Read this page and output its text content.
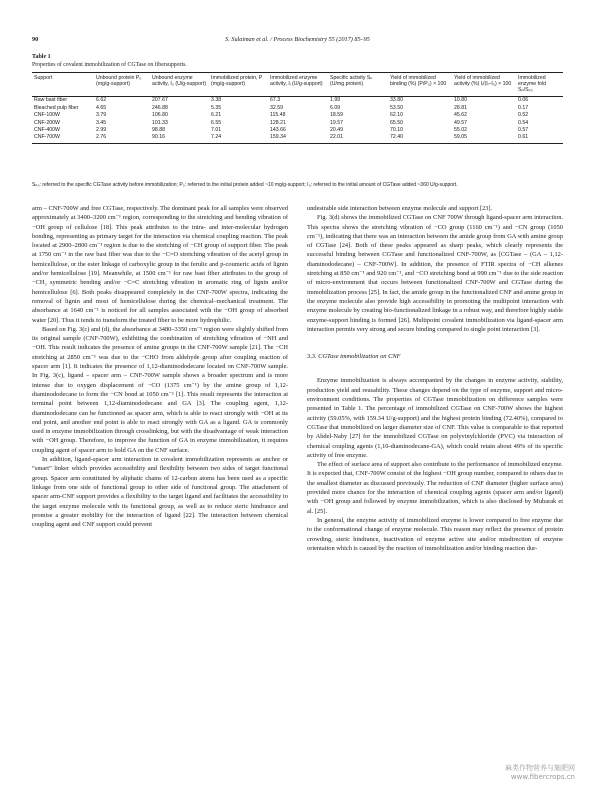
90	S. Sulaiman et al. / Process Biochemistry 55 (2017) 85–95
Table 1
Properties of covalent immobilization of CGTase on fibersupports.
Support	Unbound protein P₀ (mg/g-support)	Unbound enzyme activity, I₀ (U/g-support)	Immobilized protein, P (mg/g-support)	Immobilized enzyme activity, Iᵢ (U/g-support)	Specific activity Sₚ (U/mg protein)	Yield of immobilized binding (%) (P/P₀) × 100	Yield of immobilized activity (%) Iᵢ/(Iᵢ–I₀) × 100	Immobilized enzyme fold Sₚ/Sₚ₀
Raw bast fiber	6.62	207.67	3.38	67.3	1.99	33.80	10.80	0.06
Bleached pulp fiber	4.65	246.88	5.35	32.59	6.09	53.50	28.81	0.17
CNF-100W	3.79	106.80	6.21	115.48	18.59	62.10	45.62	0.52
CNF-200W	3.45	101.33	6.55	128.21	19.57	65.50	49.57	0.54
CNF-400W	2.99	98.88	7.01	143.66	20.49	70.10	55.02	0.57
CNF-700W	2.76	90.16	7.24	159.34	22.01	72.40	59.05	0.61
Sₚ₀: referred to the specific CGTase activity before immobilization; P₀: referred to the initial protein added ~10 mg/g-support; I₀: referred to the initial amount of CGTase added ~360 U/g-support.

arm – CNF-700W and free CGTase, respectively. The dominant peak for all samples were observed approximately at 3400–3200 cm⁻¹ region, corresponding to the stretching and bending vibration of −OH group of cellulose [18]. This peak attributes to the intra- and inter-molecular hydrogen bonding, representing as primary target for the interaction via chemical coupling reaction. The peak located at 2900–2800 cm⁻¹ region is due to the stretching of −CH group of support fiber. The peak at 1750 cm⁻¹ in the raw bast fiber was due to the −C=O stretching vibration of the acetyl group in hemicellulose, or the ester linkage of carboxylic group in the ferulic and p-coumeric acids of lignin and/or hemicellulose [19]. Meanwhile, at 1500 cm⁻¹ for raw bast fiber attributes to the group of −CH₂ symmetric bending and/or −C=C stretching vibration in aromatic ring of lignin and/or hemicellulose [6]. Both peaks disappeared completely in the CNF-700W spectra, indicating the removal of lignin and most of hemicellulose during the chemical–mechanical treatment. The absorbance at 1640 cm⁻¹ is noticed for all samples associated with the −OH group of absorbed water [20]. Thus it tends to transform the treated fiber to be more hydrophilic.

Based on Fig. 3(c) and (d), the absorbance at 3480–3350 cm⁻¹ region were slightly shifted from its original sample (CNF-700W), exhibiting the combination of stretching vibration of −NH and −OH. This result indicates the presence of amine groups in the CNF-700W sample [21]. The −CH stretching at 2850 cm⁻¹ was due to the −CHO from aldehyde group after coupling reaction of spacer arm [1]. It indicates the presence of 1,12-diaminododecane located on CNF-700W sample. In Fig. 3(c), ligand – spacer arm – CNF-700W sample shows a broader spectrum and is more intense due to oxygen displacement of −CO (1375 cm⁻¹) by the amine group of 1,12-diaminododecane to form the −CN bond at 1050 cm⁻¹ [1]. This result represents the interaction at terminal point between 1,12-diaminododecane and GA [3]. The coupling agent, 1,12-diaminododecane can be functioned as spacer arm, which is able to react strongly with −OH at its end point, and another end point is able to react strongly with GA as a ligand. GA is commonly used in enzyme immobilization through crosslinking, but with the disadvantage of weak interaction with −OH group. Therefore, to improve the function of GA in enzyme immobilization, it requires coupling agent of spacer arm to hold GA on the CNF surface.

In addition, ligand-spacer arm interaction in covalent immobilization represents as anchor or “smart” linker which provides accessibility and flexibility between two sides of target functional group. Spacer arm constituted by aliphatic chains of 12-carbon atoms has been used as a specific linkage from one side of functional group to other side of functional group. The attachment of spacer arm-CNF support provides a flexibility to the target ligand and facilitates the accessibility to the target enzyme molecule with its functional group, as well as to reduce steric hindrance and promise a greater mobility for the interaction of ligand [22]. The interaction between chemical coupling agent and CNF support could prevent

undesirable side interaction between enzyme molecule and support [23].

Fig. 3(d) shows the immobilized CGTase on CNF 700W through ligand-spacer arm interaction. This spectra shows the stretching vibration of −CO group (1160 cm⁻¹) and −CN group (1050 cm⁻¹), indicating that there was an interaction between the amide group from GA with amine group of CGTase [24]. Both of these peaks appeared as sharp peaks, which clearly represents the successful binding between CGTase and functionalized CNF-700W, as [CGTase – (GA – 1,12-diaminododecane) – CNF-700W]. In addition, the presence of FTIR spectra of −CH alkenes stretching at 850 cm⁻¹ and 920 cm⁻¹, and −CO stretching bond at 990 cm⁻¹ due to the side reaction of micro-environment that occurs between functionalized CNF-700W and CGTase during the immobilization process [25]. In fact, the amide group in the functionalized CNF and amine group in the enzyme molecule also provide high accessibility in promoting the multipoint interaction with enzyme molecule by creating bio-functionalized linkage in a robust way, and therefore highly stable enzyme-support binding is formed [26]. Multipoint covalent immobilization via ligand-spacer arm interaction permits very strong and secure binding compared to single point interaction [3].

3.3. CGTase immobilization on CNF

Enzyme immobilization is always accompanied by the changes in enzyme activity, stability, production yield and reusability. These changes depend on the type of enzyme, support and micro-environment conditions. The properties of CGTase immobilization on difference samples were presented in Table 1. The percentage of immobilized CGTase on CNF-700W shows the highest activity (59.05%, with 159.34 U/g-support) and the highest protein binding (72.40%), compared to CGTase that immobilized on larger diameter size of CNF. This value is comparable to that reported by Abdel-Naby [27] for the immobilized CGTase on polyvinylchloride (PVC) via interaction of chemical coupling agents (1,10-diaminodecane-GA), which could retain about 49% of its specific activity of free enzyme.

The effect of surface area of support also contribute to the performance of immobilized enzyme. It is expected that, CNF-700W consist of the highest −OH group number, compared to others due to the smallest diameter as discussed previously. The reduction of CNF diameter (higher surface area) provided more chance for the interaction of chemical coupling agents (spacer arm and/or ligand) with −OH group and followed by enzyme immobilization, which is also disclosed by Mubarak et al. [25].

In general, the enzyme activity of immobilized enzyme is lower compared to free enzyme due to the conformational change of enzyme molecule. This reason may reflect the presence of protein crowding, steric hindrance, inactivation of enzyme active site and/or misdirection of enzyme orientation which is caused by the reaction of immobilization and/or binding reaction dur-

麻类作物营养与施肥网
www.fibercrops.cn
